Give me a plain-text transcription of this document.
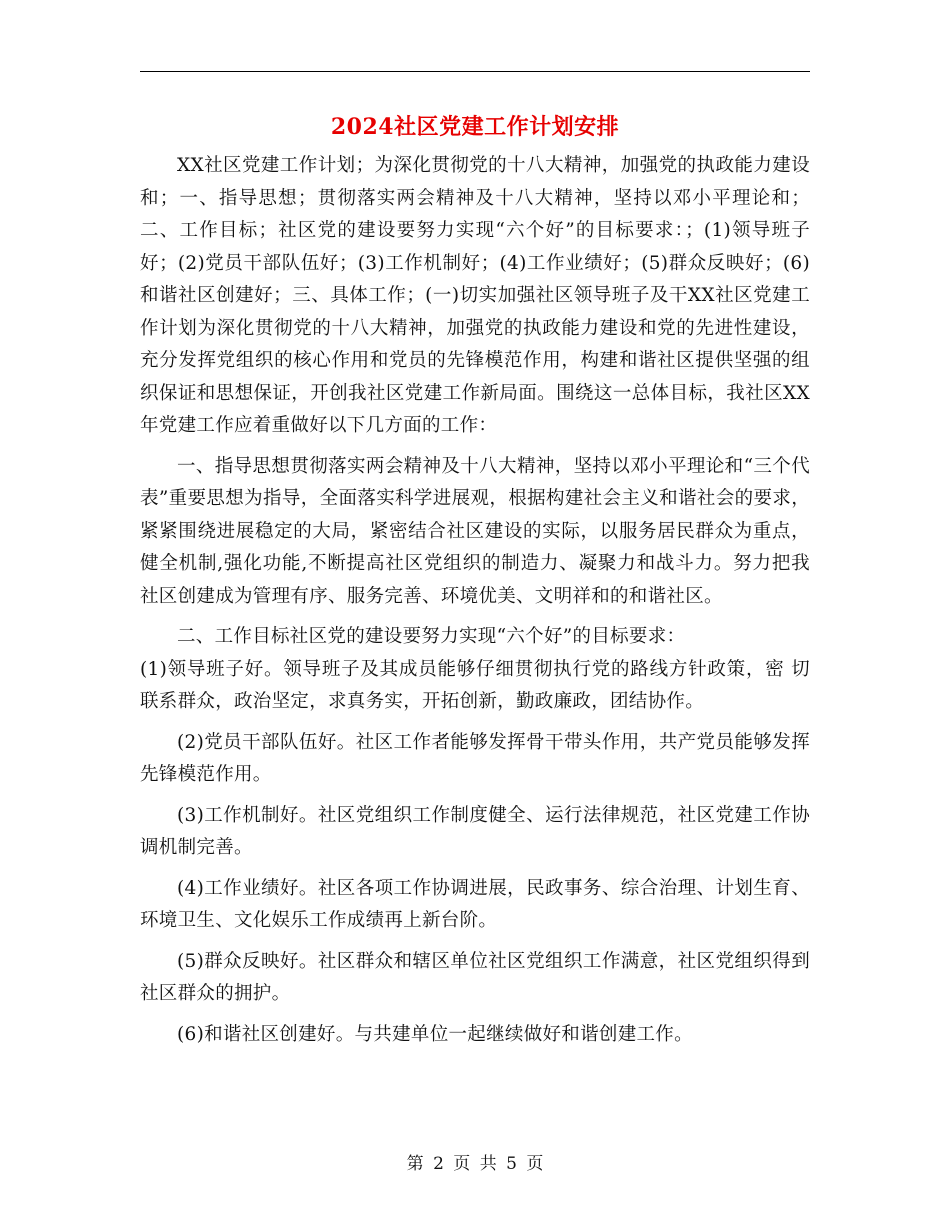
2024社区党建工作计划安排

XX社区党建工作计划；为深化贯彻党的十八大精神，加强党的执政能力建设和；一、指导思想；贯彻落实两会精神及十八大精神，坚持以邓小平理论和；二、工作目标；社区党的建设要努力实现“六个好”的目标要求：；(1)领导班子好；(2)党员干部队伍好；(3)工作机制好；(4)工作业绩好；(5)群众反映好；(6)和谐社区创建好；三、具体工作；(一)切实加强社区领导班子及干XX社区党建工作计划为深化贯彻党的十八大精神，加强党的执政能力建设和党的先进性建设，充分发挥党组织的核心作用和党员的先锋模范作用，构建和谐社区提供坚强的组织保证和思想保证，开创我社区党建工作新局面。围绕这一总体目标，我社区XX年党建工作应着重做好以下几方面的工作：

一、指导思想贯彻落实两会精神及十八大精神，坚持以邓小平理论和“三个代表”重要思想为指导，全面落实科学进展观，根据构建社会主义和谐社会的要求，紧紧围绕进展稳定的大局，紧密结合社区建设的实际，以服务居民群众为重点，健全机制,强化功能,不断提高社区党组织的制造力、凝聚力和战斗力。努力把我社区创建成为管理有序、服务完善、环境优美、文明祥和的和谐社区。

二、工作目标社区党的建设要努力实现“六个好”的目标要求：

(1)领导班子好。领导班子及其成员能够仔细贯彻执行党的路线方针政策，密 切联系群众，政治坚定，求真务实，开拓创新，勤政廉政，团结协作。

(2)党员干部队伍好。社区工作者能够发挥骨干带头作用，共产党员能够发挥先锋模范作用。

(3)工作机制好。社区党组织工作制度健全、运行法律规范，社区党建工作协调机制完善。

(4)工作业绩好。社区各项工作协调进展，民政事务、综合治理、计划生育、环境卫生、文化娱乐工作成绩再上新台阶。

(5)群众反映好。社区群众和辖区单位社区党组织工作满意，社区党组织得到社区群众的拥护。

(6)和谐社区创建好。与共建单位一起继续做好和谐创建工作。

第 2 页 共 5 页
